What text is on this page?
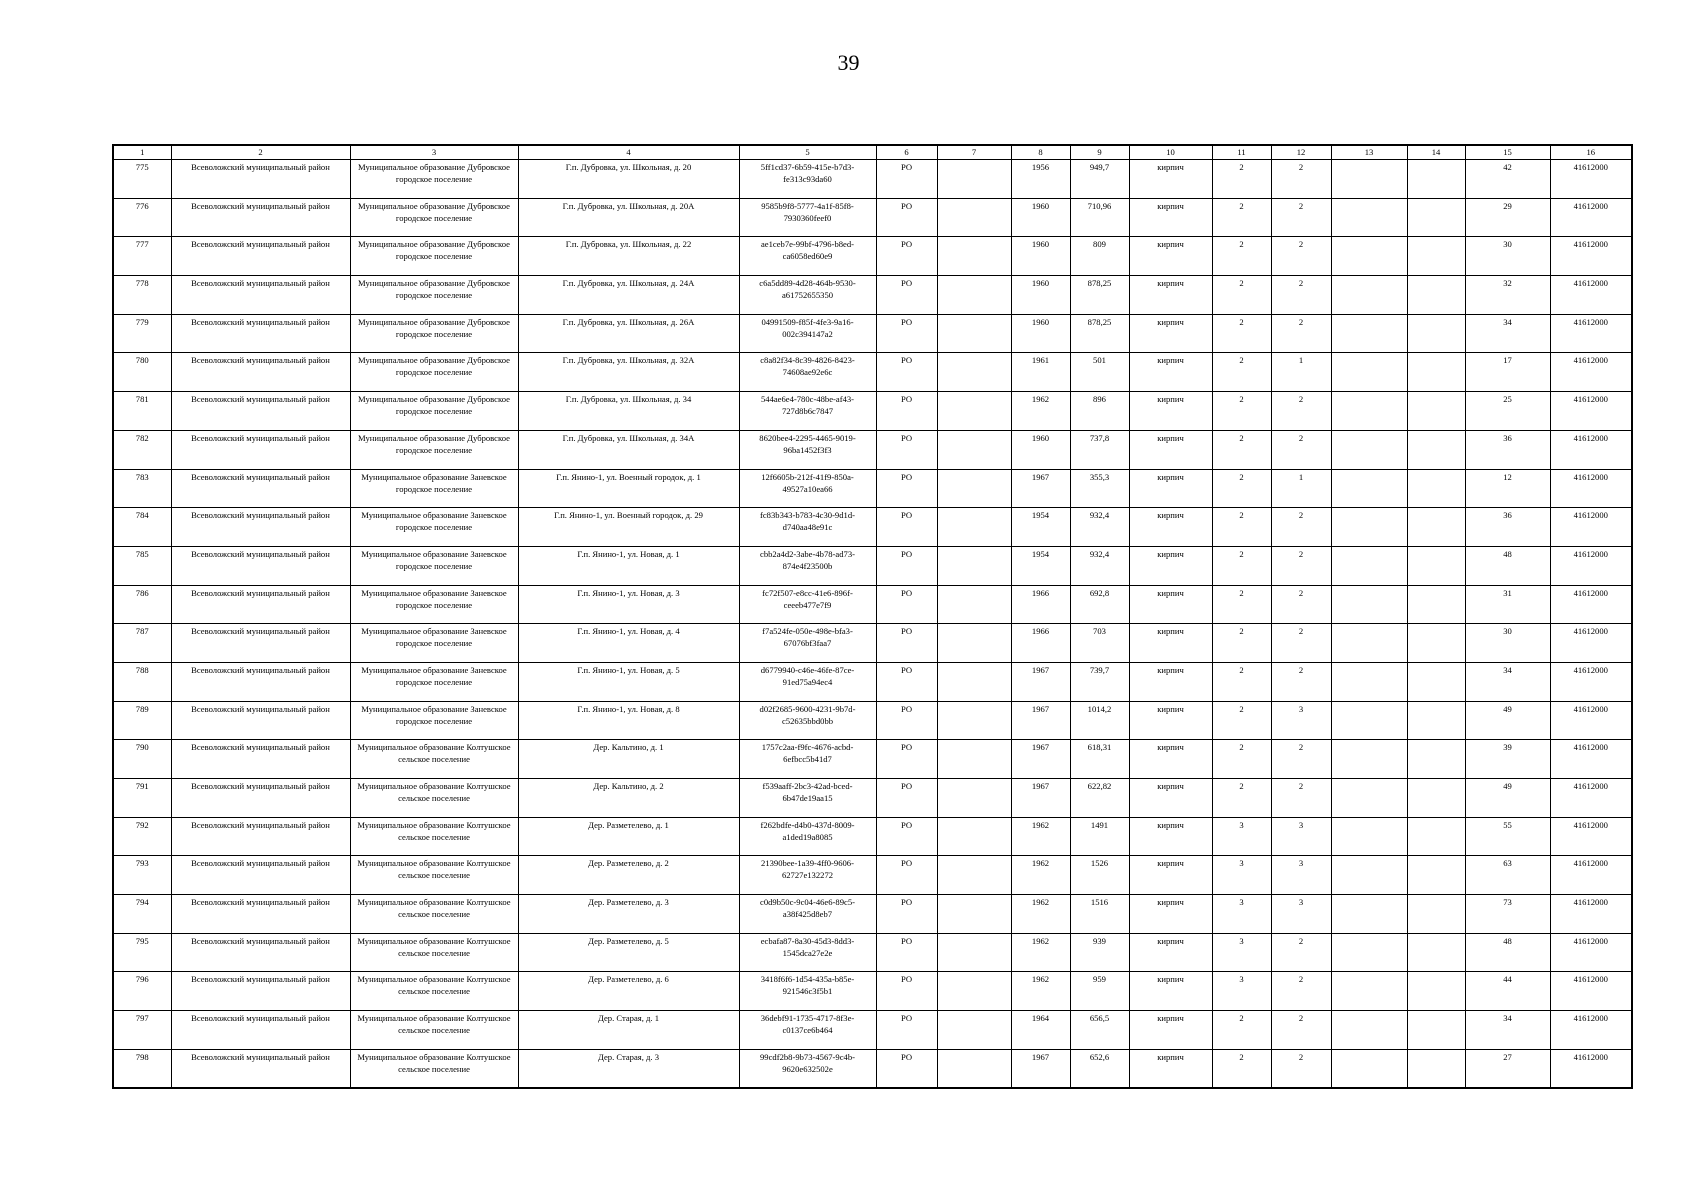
39
1	2	3	4	5	6	7	8	9	10	11	12	13	14	15	16
775	Всеволожский муниципальный район	Муниципальное образование Дубровское городское поселение	Г.п. Дубровка, ул. Школьная, д. 20	5ff1cd37-6b59-415e-b7d3-fe313c93da60	РО		1956	949,7	кирпич	2	2			42	41612000
776	Всеволожский муниципальный район	Муниципальное образование Дубровское городское поселение	Г.п. Дубровка, ул. Школьная, д. 20А	9585b9f8-5777-4a1f-85f8-7930360feef0	РО		1960	710,96	кирпич	2	2			29	41612000
777	Всеволожский муниципальный район	Муниципальное образование Дубровское городское поселение	Г.п. Дубровка, ул. Школьная, д. 22	ae1ceb7e-99bf-4796-b8ed-ca6058ed60e9	РО		1960	809	кирпич	2	2			30	41612000
778	Всеволожский муниципальный район	Муниципальное образование Дубровское городское поселение	Г.п. Дубровка, ул. Школьная, д. 24А	c6a5dd89-4d28-464b-9530-a61752655350	РО		1960	878,25	кирпич	2	2			32	41612000
779	Всеволожский муниципальный район	Муниципальное образование Дубровское городское поселение	Г.п. Дубровка, ул. Школьная, д. 26А	04991509-f85f-4fe3-9a16-002c394147a2	РО		1960	878,25	кирпич	2	2			34	41612000
780	Всеволожский муниципальный район	Муниципальное образование Дубровское городское поселение	Г.п. Дубровка, ул. Школьная, д. 32А	c8a82f34-8c39-4826-8423-74608ae92e6c	РО		1961	501	кирпич	2	1			17	41612000
781	Всеволожский муниципальный район	Муниципальное образование Дубровское городское поселение	Г.п. Дубровка, ул. Школьная, д. 34	544ae6e4-780c-48be-af43-727d8b6c7847	РО		1962	896	кирпич	2	2			25	41612000
782	Всеволожский муниципальный район	Муниципальное образование Дубровское городское поселение	Г.п. Дубровка, ул. Школьная, д. 34А	8620bee4-2295-4465-9019-96ba1452f3f3	РО		1960	737,8	кирпич	2	2			36	41612000
783	Всеволожский муниципальный район	Муниципальное образование Заневское городское поселение	Г.п. Янино-1, ул. Военный городок, д. 1	12f6605b-212f-41f9-850a-49527a10ea66	РО		1967	355,3	кирпич	2	1			12	41612000
784	Всеволожский муниципальный район	Муниципальное образование Заневское городское поселение	Г.п. Янино-1, ул. Военный городок, д. 29	fc83b343-b783-4c30-9d1d-d740aa48e91c	РО		1954	932,4	кирпич	2	2			36	41612000
785	Всеволожский муниципальный район	Муниципальное образование Заневское городское поселение	Г.п. Янино-1, ул. Новая, д. 1	cbb2a4d2-3abe-4b78-ad73-874e4f23500b	РО		1954	932,4	кирпич	2	2			48	41612000
786	Всеволожский муниципальный район	Муниципальное образование Заневское городское поселение	Г.п. Янино-1, ул. Новая, д. 3	fc72f507-e8cc-41e6-896f-ceeeb477e7f9	РО		1966	692,8	кирпич	2	2			31	41612000
787	Всеволожский муниципальный район	Муниципальное образование Заневское городское поселение	Г.п. Янино-1, ул. Новая, д. 4	f7a524fe-050e-498e-bfa3-67076bf3faa7	РО		1966	703	кирпич	2	2			30	41612000
788	Всеволожский муниципальный район	Муниципальное образование Заневское городское поселение	Г.п. Янино-1, ул. Новая, д. 5	d6779940-c46e-46fe-87ce-91ed75a94ec4	РО		1967	739,7	кирпич	2	2			34	41612000
789	Всеволожский муниципальный район	Муниципальное образование Заневское городское поселение	Г.п. Янино-1, ул. Новая, д. 8	d02f2685-9600-4231-9b7d-c52635bbd0bb	РО		1967	1014,2	кирпич	2	3			49	41612000
790	Всеволожский муниципальный район	Муниципальное образование Колтушское сельское поселение	Дер. Кальтино, д. 1	1757c2aa-f9fc-4676-acbd-6efbcc5b41d7	РО		1967	618,31	кирпич	2	2			39	41612000
791	Всеволожский муниципальный район	Муниципальное образование Колтушское сельское поселение	Дер. Кальтино, д. 2	f539aaff-2bc3-42ad-bced-6b47de19aa15	РО		1967	622,82	кирпич	2	2			49	41612000
792	Всеволожский муниципальный район	Муниципальное образование Колтушское сельское поселение	Дер. Разметелево, д. 1	f262bdfe-d4b0-437d-8009-a1ded19a8085	РО		1962	1491	кирпич	3	3			55	41612000
793	Всеволожский муниципальный район	Муниципальное образование Колтушское сельское поселение	Дер. Разметелево, д. 2	21390bee-1a39-4ff0-9606-62727e132272	РО		1962	1526	кирпич	3	3			63	41612000
794	Всеволожский муниципальный район	Муниципальное образование Колтушское сельское поселение	Дер. Разметелево, д. 3	c0d9b50c-9c04-46e6-89c5-a38f425d8eb7	РО		1962	1516	кирпич	3	3			73	41612000
795	Всеволожский муниципальный район	Муниципальное образование Колтушское сельское поселение	Дер. Разметелево, д. 5	ecbafa87-8a30-45d3-8dd3-1545dca27e2e	РО		1962	939	кирпич	3	2			48	41612000
796	Всеволожский муниципальный район	Муниципальное образование Колтушское сельское поселение	Дер. Разметелево, д. 6	3418f6f6-1d54-435a-b85e-921546c3f5b1	РО		1962	959	кирпич	3	2			44	41612000
797	Всеволожский муниципальный район	Муниципальное образование Колтушское сельское поселение	Дер. Старая, д. 1	36debf91-1735-4717-8f3e-c0137ce6b464	РО		1964	656,5	кирпич	2	2			34	41612000
798	Всеволожский муниципальный район	Муниципальное образование Колтушское сельское поселение	Дер. Старая, д. 3	99cdf2b8-9b73-4567-9c4b-9620e632502e	РО		1967	652,6	кирпич	2	2			27	41612000
